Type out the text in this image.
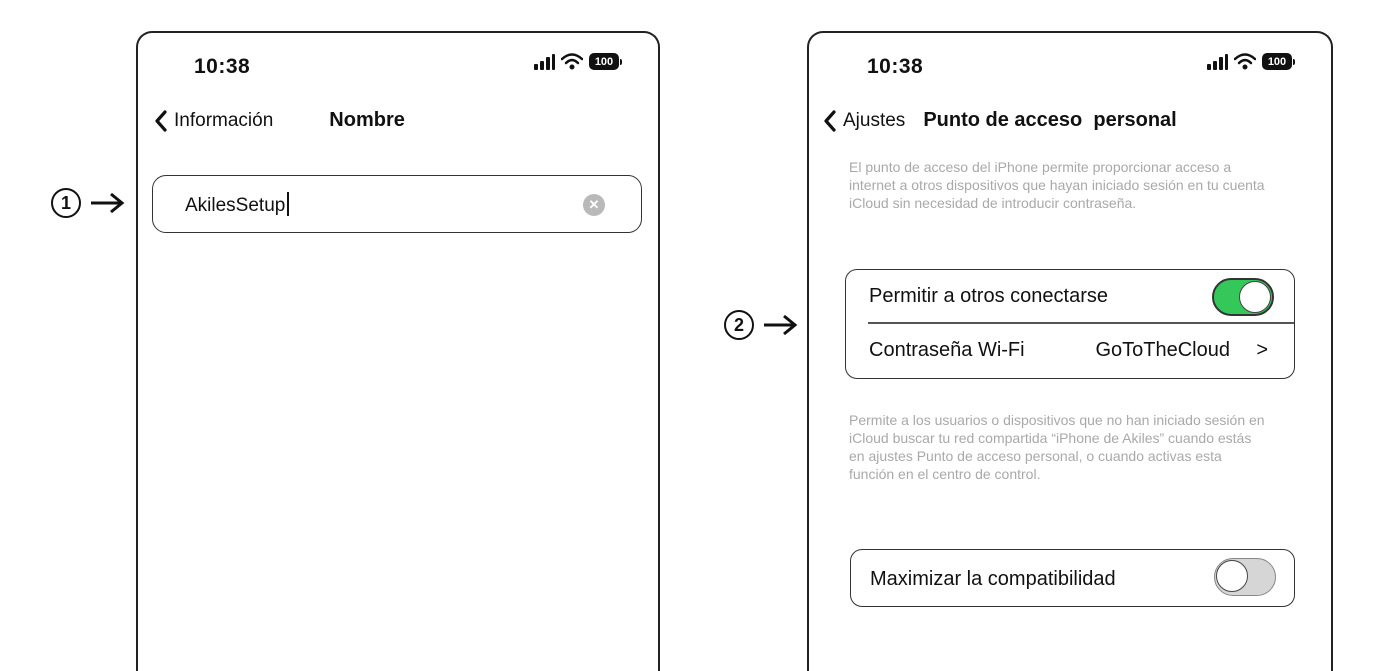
1
2
10:38	100
Información	Nombre
AkilesSetup	✕
10:38	100
Ajustes Punto de acceso  personal
El punto de acceso del iPhone permite proporcionar acceso a internet a otros dispositivos que hayan iniciado sesión en tu cuenta iCloud sin necesidad de introducir contraseña.
Permitir a otros conectarse
Contraseña Wi-Fi	GoToTheCloud >
Permite a los usuarios o dispositivos que no han iniciado sesión en iCloud buscar tu red compartida “iPhone de Akiles” cuando estás en ajustes Punto de acceso personal, o cuando activas esta función en el centro de control.
Maximizar la compatibilidad
